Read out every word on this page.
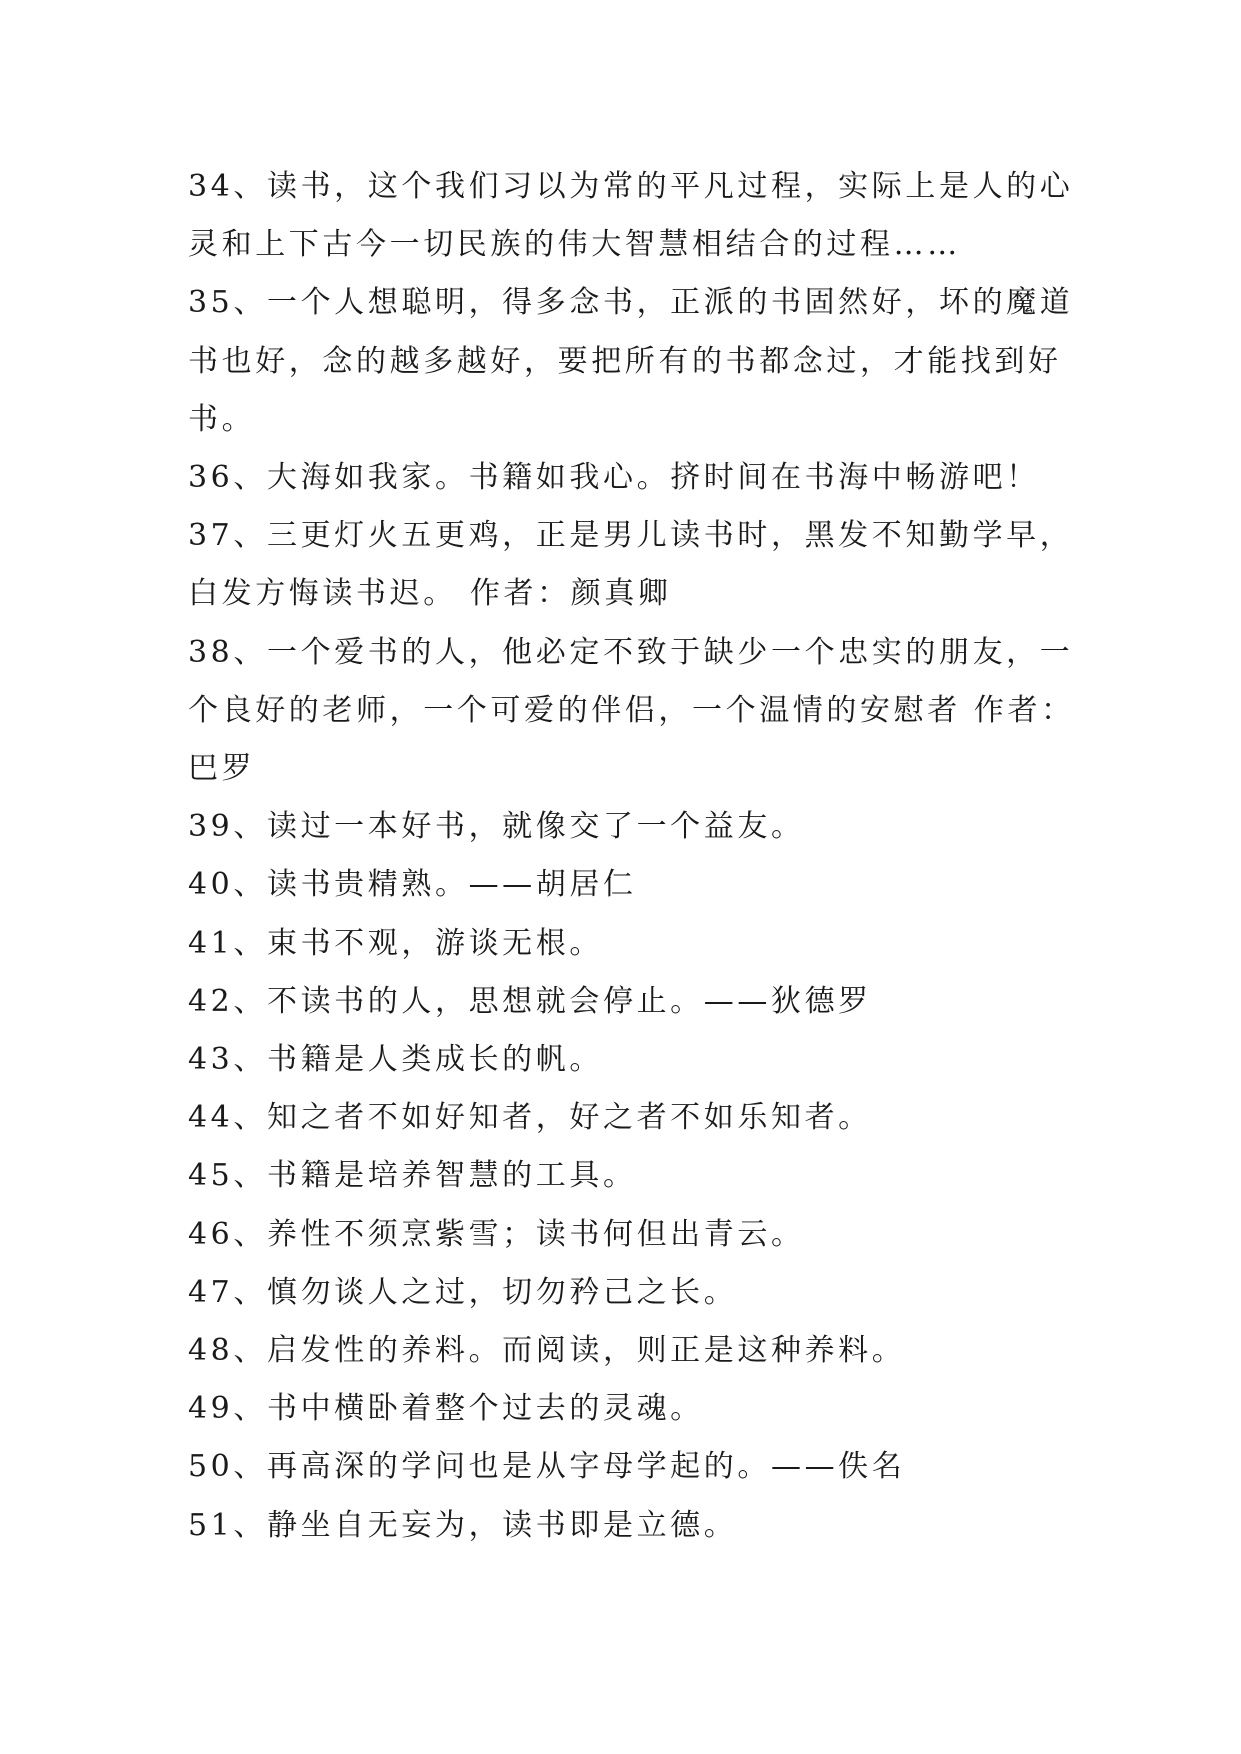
34、读书，这个我们习以为常的平凡过程，实际上是人的心灵和上下古今一切民族的伟大智慧相结合的过程……

35、一个人想聪明，得多念书，正派的书固然好，坏的魔道书也好，念的越多越好，要把所有的书都念过，才能找到好书。

36、大海如我家。书籍如我心。挤时间在书海中畅游吧！

37、三更灯火五更鸡，正是男儿读书时，黑发不知勤学早，白发方悔读书迟。 作者：颜真卿

38、一个爱书的人，他必定不致于缺少一个忠实的朋友，一个良好的老师，一个可爱的伴侣，一个温情的安慰者 作者：巴罗

39、读过一本好书，就像交了一个益友。

40、读书贵精熟。——胡居仁

41、束书不观，游谈无根。

42、不读书的人，思想就会停止。——狄德罗

43、书籍是人类成长的帆。

44、知之者不如好知者，好之者不如乐知者。

45、书籍是培养智慧的工具。

46、养性不须烹紫雪；读书何但出青云。

47、慎勿谈人之过，切勿矜己之长。

48、启发性的养料。而阅读，则正是这种养料。

49、书中横卧着整个过去的灵魂。

50、再高深的学问也是从字母学起的。——佚名

51、静坐自无妄为，读书即是立德。
